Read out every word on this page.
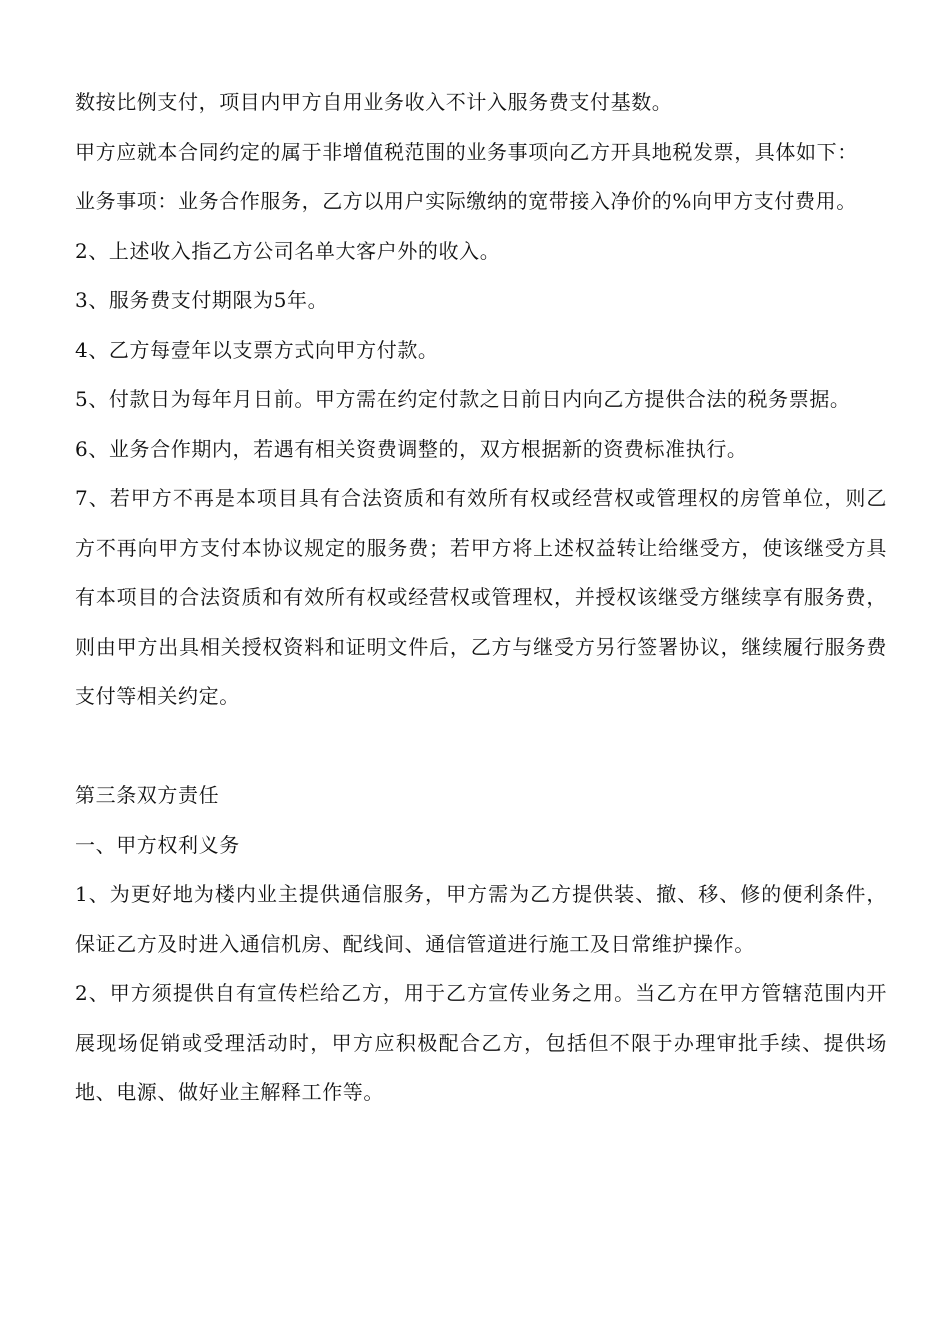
数按比例支付，项目内甲方自用业务收入不计入服务费支付基数。

甲方应就本合同约定的属于非增值税范围的业务事项向乙方开具地税发票，具体如下：

业务事项：业务合作服务，乙方以用户实际缴纳的宽带接入净价的%向甲方支付费用。

2、上述收入指乙方公司名单大客户外的收入。

3、服务费支付期限为5年。

4、乙方每壹年以支票方式向甲方付款。

5、付款日为每年月日前。甲方需在约定付款之日前日内向乙方提供合法的税务票据。

6、业务合作期内，若遇有相关资费调整的，双方根据新的资费标准执行。

7、若甲方不再是本项目具有合法资质和有效所有权或经营权或管理权的房管单位，则乙方不再向甲方支付本协议规定的服务费；若甲方将上述权益转让给继受方，使该继受方具有本项目的合法资质和有效所有权或经营权或管理权，并授权该继受方继续享有服务费，则由甲方出具相关授权资料和证明文件后，乙方与继受方另行签署协议，继续履行服务费支付等相关约定。

第三条双方责任

一、甲方权利义务

1、为更好地为楼内业主提供通信服务，甲方需为乙方提供装、撤、移、修的便利条件，保证乙方及时进入通信机房、配线间、通信管道进行施工及日常维护操作。

2、甲方须提供自有宣传栏给乙方，用于乙方宣传业务之用。当乙方在甲方管辖范围内开展现场促销或受理活动时，甲方应积极配合乙方，包括但不限于办理审批手续、提供场地、电源、做好业主解释工作等。
